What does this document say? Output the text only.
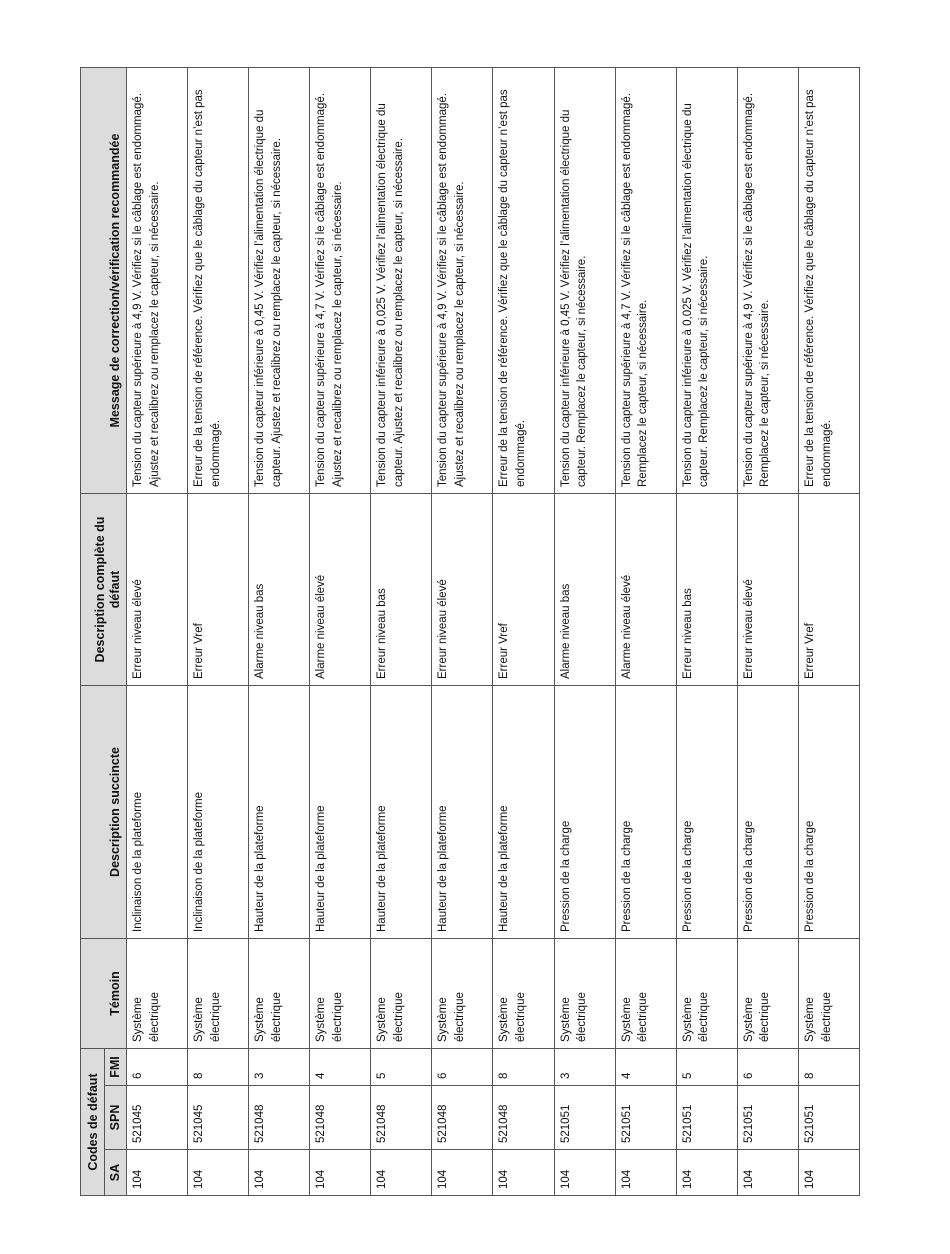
Codes de défaut			Témoin	Description succincte	Description complète du défaut	Message de correction/vérification recommandée
SA	SPN	FMI				
104	521045	6	Système électrique	Inclinaison de la plateforme	Erreur niveau élevé	Tension du capteur supérieure à 4,9 V. Vérifiez si le câblage est endommagé. Ajustez et recalibrez ou remplacez le capteur, si nécessaire.
104	521045	8	Système électrique	Inclinaison de la plateforme	Erreur Vref	Erreur de la tension de référence. Vérifiez que le câblage du capteur n’est pas endommagé.
104	521048	3	Système électrique	Hauteur de la plateforme	Alarme niveau bas	Tension du capteur inférieure à 0,45 V. Vérifiez l’alimentation électrique du capteur. Ajustez et recalibrez ou remplacez le capteur, si nécessaire.
104	521048	4	Système électrique	Hauteur de la plateforme	Alarme niveau élevé	Tension du capteur supérieure à 4,7 V. Vérifiez si le câblage est endommagé. Ajustez et recalibrez ou remplacez le capteur, si nécessaire.
104	521048	5	Système électrique	Hauteur de la plateforme	Erreur niveau bas	Tension du capteur inférieure à 0,025 V. Vérifiez l’alimentation électrique du capteur. Ajustez et recalibrez ou remplacez le capteur, si nécessaire.
104	521048	6	Système électrique	Hauteur de la plateforme	Erreur niveau élevé	Tension du capteur supérieure à 4,9 V. Vérifiez si le câblage est endommagé. Ajustez et recalibrez ou remplacez le capteur, si nécessaire.
104	521048	8	Système électrique	Hauteur de la plateforme	Erreur Vref	Erreur de la tension de référence. Vérifiez que le câblage du capteur n’est pas endommagé.
104	521051	3	Système électrique	Pression de la charge	Alarme niveau bas	Tension du capteur inférieure à 0,45 V. Vérifiez l’alimentation électrique du capteur. Remplacez le capteur, si nécessaire.
104	521051	4	Système électrique	Pression de la charge	Alarme niveau élevé	Tension du capteur supérieure à 4,7 V. Vérifiez si le câblage est endommagé. Remplacez le capteur, si nécessaire.
104	521051	5	Système électrique	Pression de la charge	Erreur niveau bas	Tension du capteur inférieure à 0,025 V. Vérifiez l’alimentation électrique du capteur. Remplacez le capteur, si nécessaire.
104	521051	6	Système électrique	Pression de la charge	Erreur niveau élevé	Tension du capteur supérieure à 4,9 V. Vérifiez si le câblage est endommagé. Remplacez le capteur, si nécessaire.
104	521051	8	Système électrique	Pression de la charge	Erreur Vref	Erreur de la tension de référence. Vérifiez que le câblage du capteur n’est pas endommagé.
